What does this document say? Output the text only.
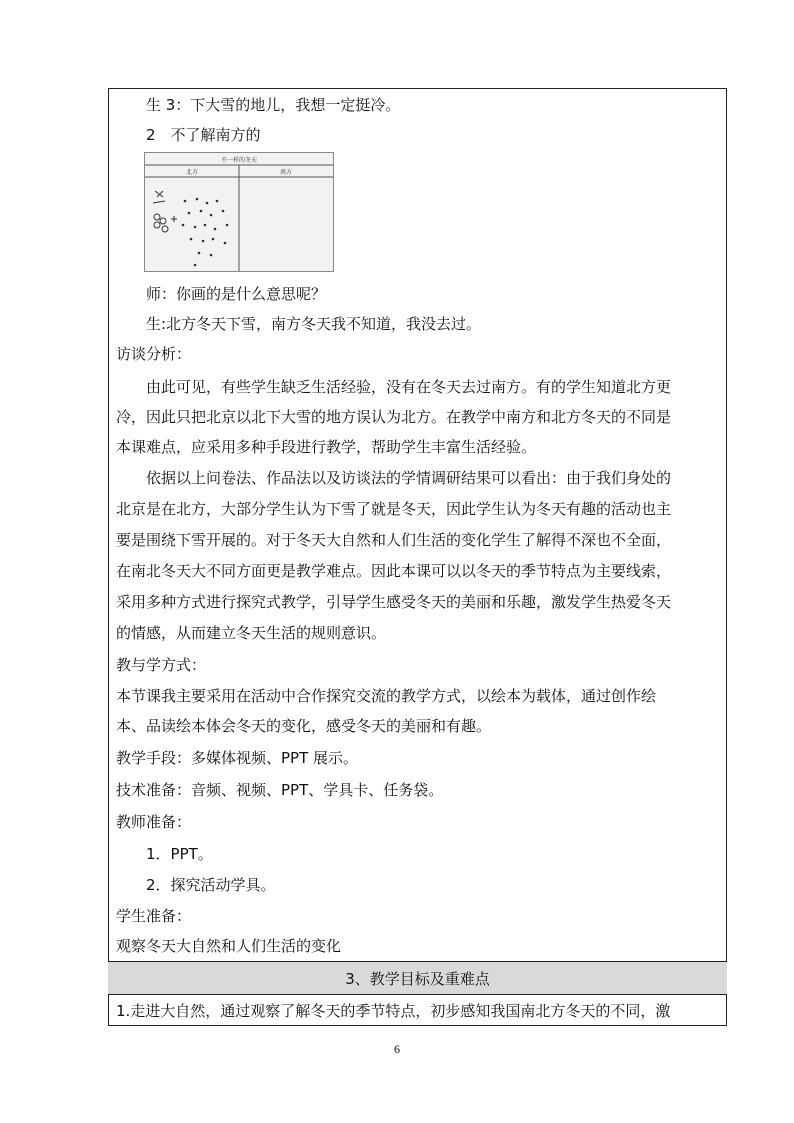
生 3：下大雪的地儿，我想一定挺冷。
2　不了解南方的
不一样的冬天
北方	南方
师：你画的是什么意思呢？
生:北方冬天下雪，南方冬天我不知道，我没去过。
访谈分析：
由此可见，有些学生缺乏生活经验，没有在冬天去过南方。有的学生知道北方更
冷，因此只把北京以北下大雪的地方误认为北方。在教学中南方和北方冬天的不同是
本课难点，应采用多种手段进行教学，帮助学生丰富生活经验。
依据以上问卷法、作品法以及访谈法的学情调研结果可以看出：由于我们身处的
北京是在北方，大部分学生认为下雪了就是冬天，因此学生认为冬天有趣的活动也主
要是围绕下雪开展的。对于冬天大自然和人们生活的变化学生了解得不深也不全面，
在南北冬天大不同方面更是教学难点。因此本课可以以冬天的季节特点为主要线索，
采用多种方式进行探究式教学，引导学生感受冬天的美丽和乐趣，激发学生热爱冬天
的情感，从而建立冬天生活的规则意识。
教与学方式：
本节课我主要采用在活动中合作探究交流的教学方式，以绘本为载体，通过创作绘
本、品读绘本体会冬天的变化，感受冬天的美丽和有趣。
教学手段：多媒体视频、PPT 展示。
技术准备：音频、视频、PPT、学具卡、任务袋。
教师准备：
1．PPT。
2．探究活动学具。
学生准备：
观察冬天大自然和人们生活的变化
3、教学目标及重难点
1.走进大自然，通过观察了解冬天的季节特点，初步感知我国南北方冬天的不同，激
6
